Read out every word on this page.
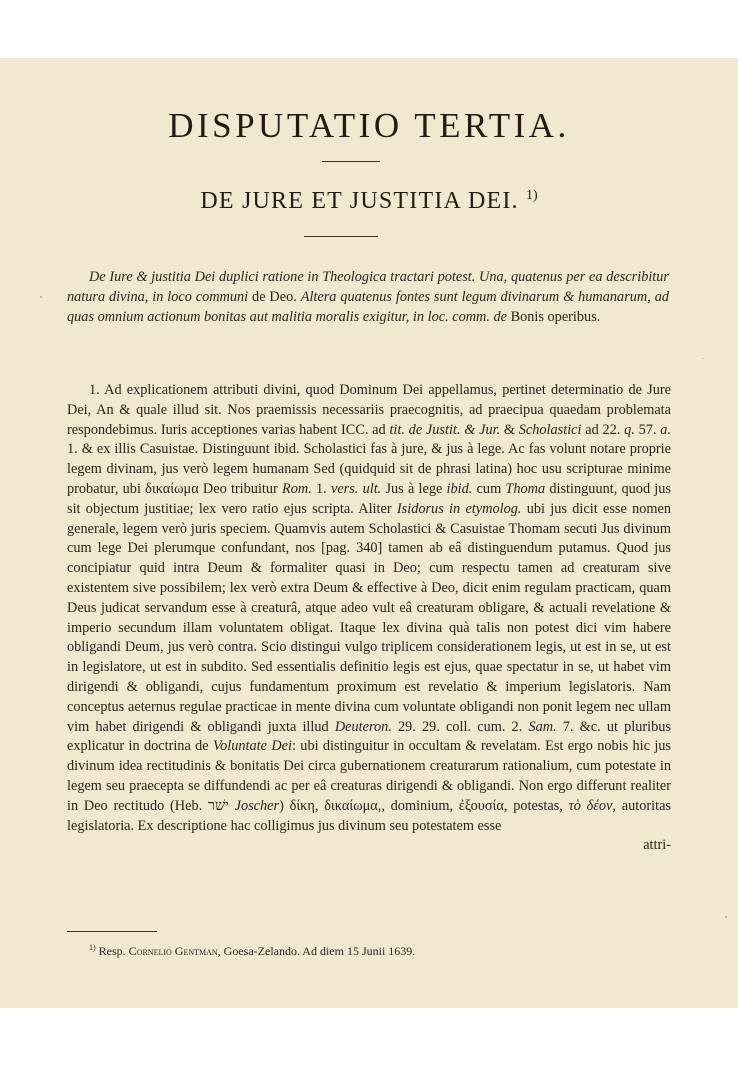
DISPUTATIO TERTIA.
DE JURE ET JUSTITIA DEI. $^{1)}$

De Iure & justitia Dei duplici ratione in Theologica tractari potest. Una, quatenus per ea describitur natura divina, in loco communi de Deo. Altera quatenus fontes sunt legum divinarum & humanarum, ad quas omnium actionum bonitas aut malitia moralis exigitur, in loc. comm. de Bonis operibus.

1. Ad explicationem attributi divini, quod Dominum Dei appellamus, pertinet determinatio de Jure Dei, An & quale illud sit. Nos praemissis necessariis praecognitis, ad praecipua quaedam problemata respondebimus. Iuris acceptiones varias habent ICC. ad tit. de Justit. & Jur. & Scholastici ad 22. q. 57. a. 1. & ex illis Casuistae. Distinguunt ibid. Scholastici fas à jure, & jus à lege. Ac fas volunt notare proprie legem divinam, jus verò legem humanam Sed (quidquid sit de phrasi latina) hoc usu scripturae minime probatur, ubi δικαίωμα Deo tribuitur Rom. 1. vers. ult. Jus à lege ibid. cum Thoma distinguunt, quod jus sit objectum justitiae; lex vero ratio ejus scripta. Aliter Isidorus in etymolog. ubi jus dicit esse nomen generale, legem verò juris speciem. Quamvis autem Scholastici & Casuistae Thomam secuti Jus divinum cum lege Dei plerumque confundant, nos [pag. 340] tamen ab eâ distinguendum putamus. Quod jus concipiatur quid intra Deum & formaliter quasi in Deo; cum respectu tamen ad creaturam sive existentem sive possibilem; lex verò extra Deum & effective à Deo, dicit enim regulam practicam, quam Deus judicat servandum esse à creaturâ, atque adeo vult eâ creaturam obligare, & actuali revelatione & imperio secundum illam voluntatem obligat. Itaque lex divina quà talis non potest dici vim habere obligandi Deum, jus verò contra. Scio distingui vulgo triplicem considerationem legis, ut est in se, ut est in legislatore, ut est in subdito. Sed essentialis definitio legis est ejus, quae spectatur in se, ut habet vim dirigendi & obligandi, cujus fundamentum proximum est revelatio & imperium legislatoris. Nam conceptus aeternus regulae practicae in mente divina cum voluntate obligandi non ponit legem nec ullam vim habet dirigendi & obligandi juxta illud Deuteron. 29. 29. coll. cum. 2. Sam. 7. &c. ut pluribus explicatur in doctrina de Voluntate Dei: ubi distinguitur in occultam & revelatam. Est ergo nobis hic jus divinum idea rectitudinis & bonitatis Dei circa gubernationem creaturarum rationalium, cum potestate in legem seu praecepta se diffundendi ac per eâ creaturas dirigendi & obligandi. Non ergo differunt realiter in Deo rectitudo (Heb. ישׁר Joscher) δίκη, δικαίωμα,, dominium, ἐξουσία, potestas, τὸ δέον, autoritas legislatoria. Ex descriptione hac colligimus jus divinum seu potestatem esse
attri-

$^{1)}$ Resp. Cornelio Gentman, Goesa-Zelando. Ad diem 15 Junii 1639.
